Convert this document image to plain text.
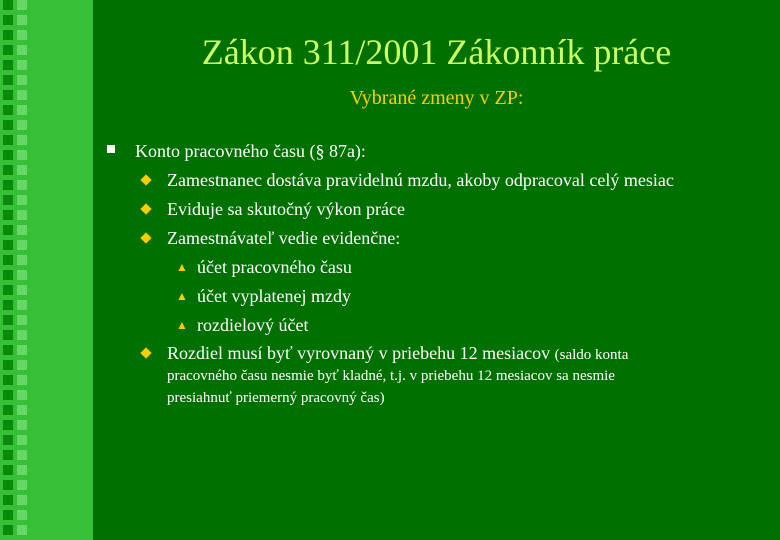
Zákon 311/2001 Zákonník práce
Vybrané zmeny v ZP:
Konto pracovného času (§ 87a):
Zamestnanec dostáva pravidelnú mzdu, akoby odpracoval celý mesiac
Eviduje sa skutočný výkon práce
Zamestnávateľ vedie evidenčne:
▲ účet pracovného času
▲ účet vyplatenej mzdy
▲ rozdielový účet
Rozdiel musí byť vyrovnaný v priebehu 12 mesiacov (saldo konta
pracovného času nesmie byť kladné, t.j. v priebehu 12 mesiacov sa nesmie
presiahnuť priemerný pracovný čas)
